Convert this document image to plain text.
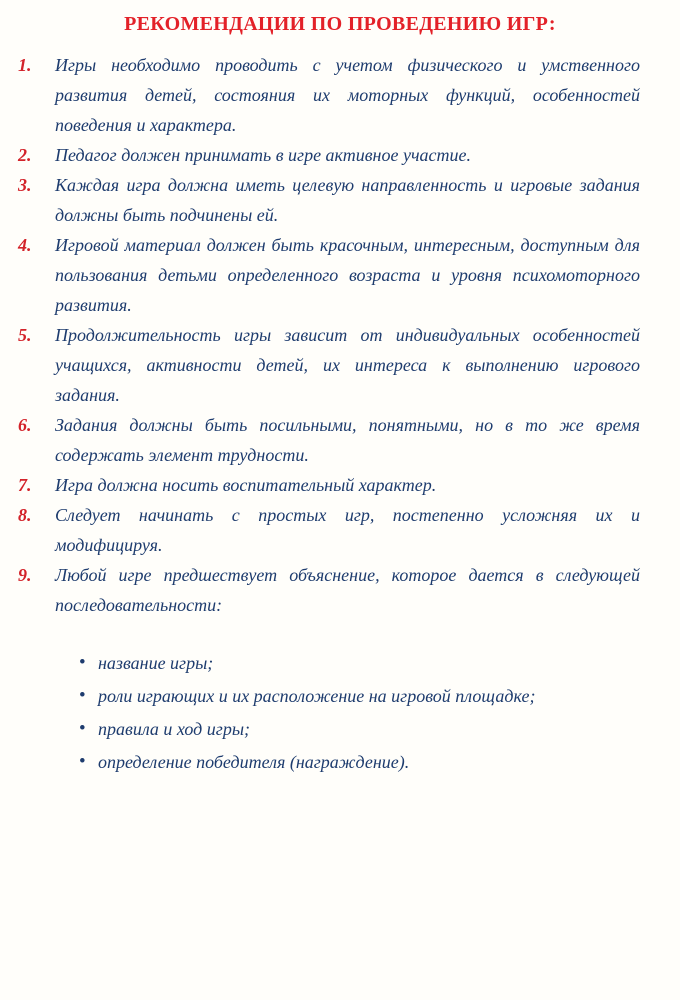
РЕКОМЕНДАЦИИ ПО ПРОВЕДЕНИЮ ИГР:
1.	Игры необходимо проводить с учетом физического и умственного
развития детей, состояния их моторных функций, особенностей
поведения и характера.
2.	Педагог должен принимать в игре активное участие.
3.	Каждая игра должна иметь целевую направленность и игровые задания
должны быть подчинены ей.
4.	Игровой материал должен быть красочным, интересным, доступным для
пользования детьми определенного возраста и уровня психомоторного
развития.
5.	Продолжительность игры зависит от индивидуальных особенностей
учащихся, активности детей, их интереса к выполнению игрового
задания.
6.	Задания должны быть посильными, понятными, но в то же время
содержать элемент трудности.
7.	Игра должна носить воспитательный характер.
8.	Следует начинать с простых игр, постепенно усложняя их и
модифицируя.
9.	Любой игре предшествует объяснение, которое дается в следующей
последовательности:
• название игры;
• роли играющих и их расположение на игровой площадке;
• правила и ход игры;
• определение победителя (награждение).
